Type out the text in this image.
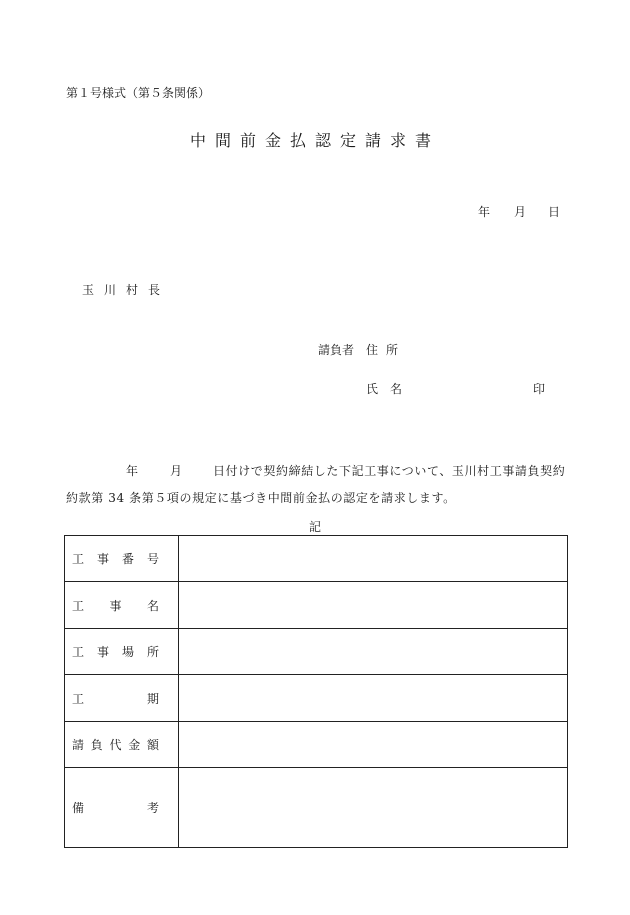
第１号様式（第５条関係）
中間前金払認定請求書
年 月 日
玉川村長
請負者 住所
氏名	印
年	月	日付けで契約締結した下記工事について、玉川村工事請負契約約款第 34 条第５項の規定に基づき中間前金払の認定を請求します。
記
工 事 番 号	

工 事 名	

工 事 場 所	

工 期	

請 負 代 金 額	

備 考	
